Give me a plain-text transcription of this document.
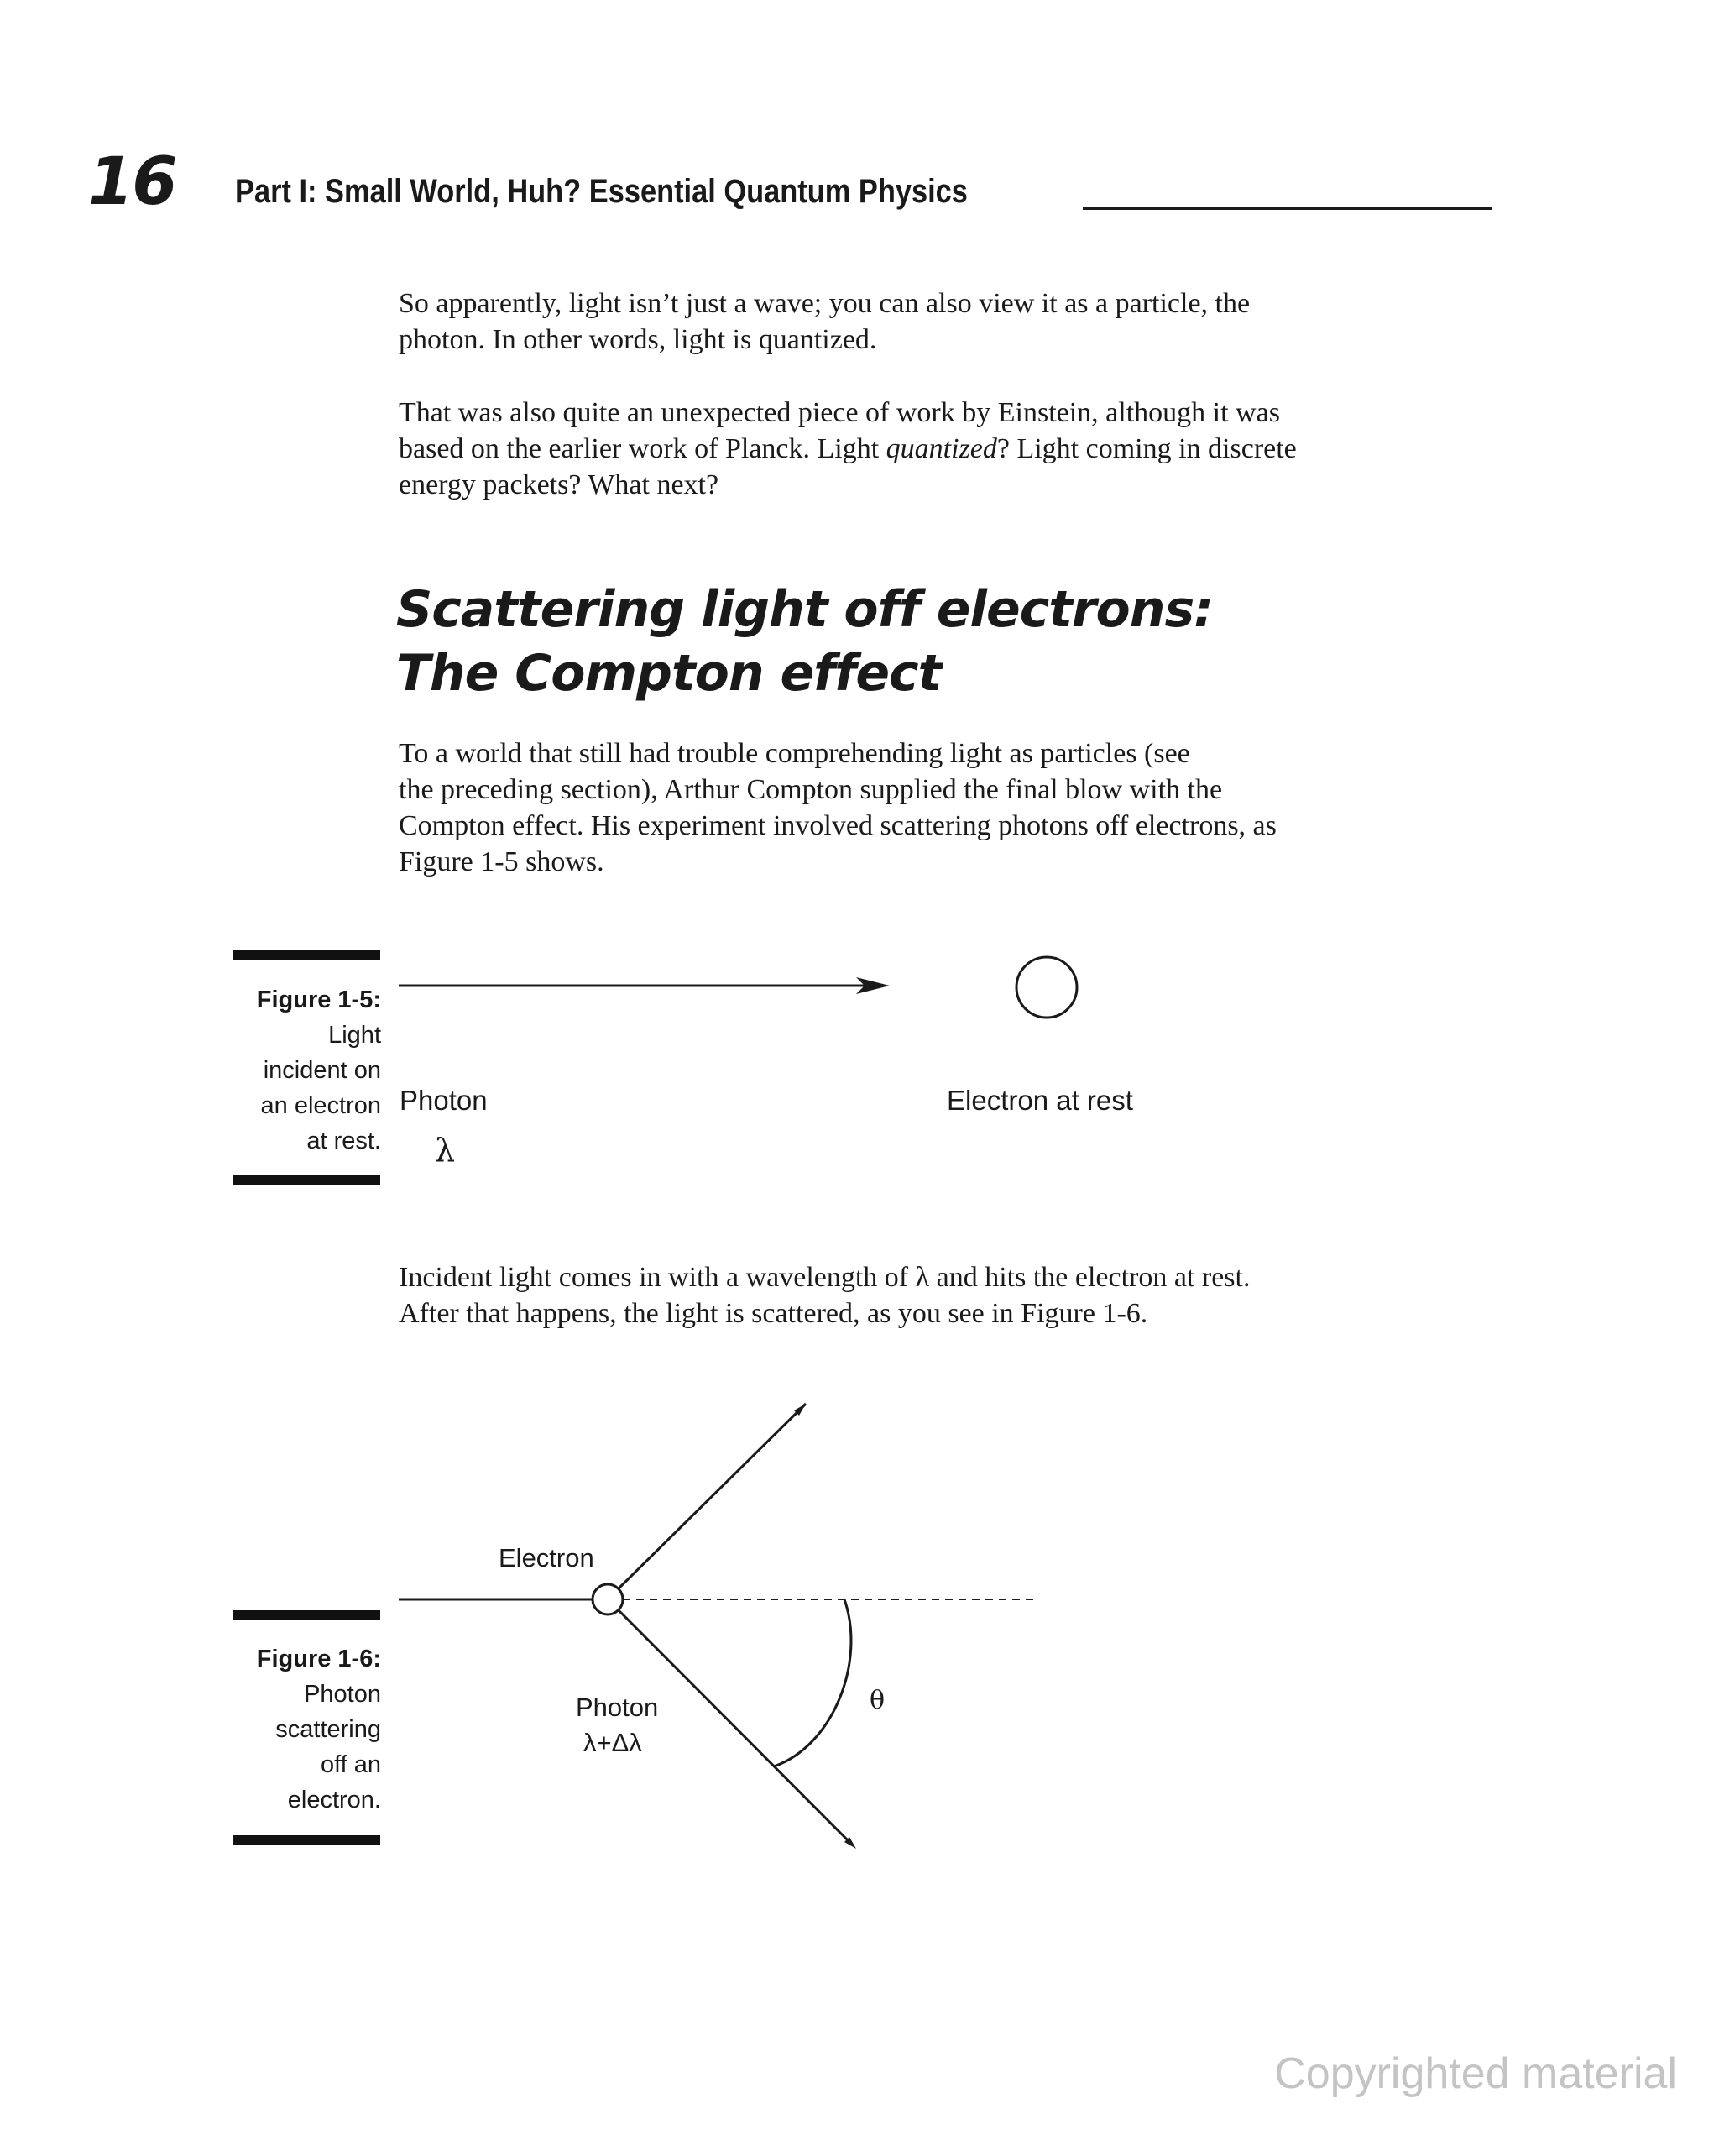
16 Part I: Small World, Huh? Essential Quantum Physics
So apparently, light isn’t just a wave; you can also view it as a particle, the
photon. In other words, light is quantized.
That was also quite an unexpected piece of work by Einstein, although it was
based on the earlier work of Planck. Light quantized? Light coming in discrete
energy packets? What next?
Scattering light off electrons:
The Compton effect
To a world that still had trouble comprehending light as particles (see
the preceding section), Arthur Compton supplied the final blow with the
Compton effect. His experiment involved scattering photons off electrons, as
Figure 1-5 shows.
Figure 1-5:
Light
incident on
an electron
at rest.
Photon
λ
Electron at rest
Incident light comes in with a wavelength of λ and hits the electron at rest.
After that happens, the light is scattered, as you see in Figure 1-6.
Electron
Photon
λ+Δλ
θ
Figure 1-6:
Photon
scattering
off an
electron.
Copyrighted material
